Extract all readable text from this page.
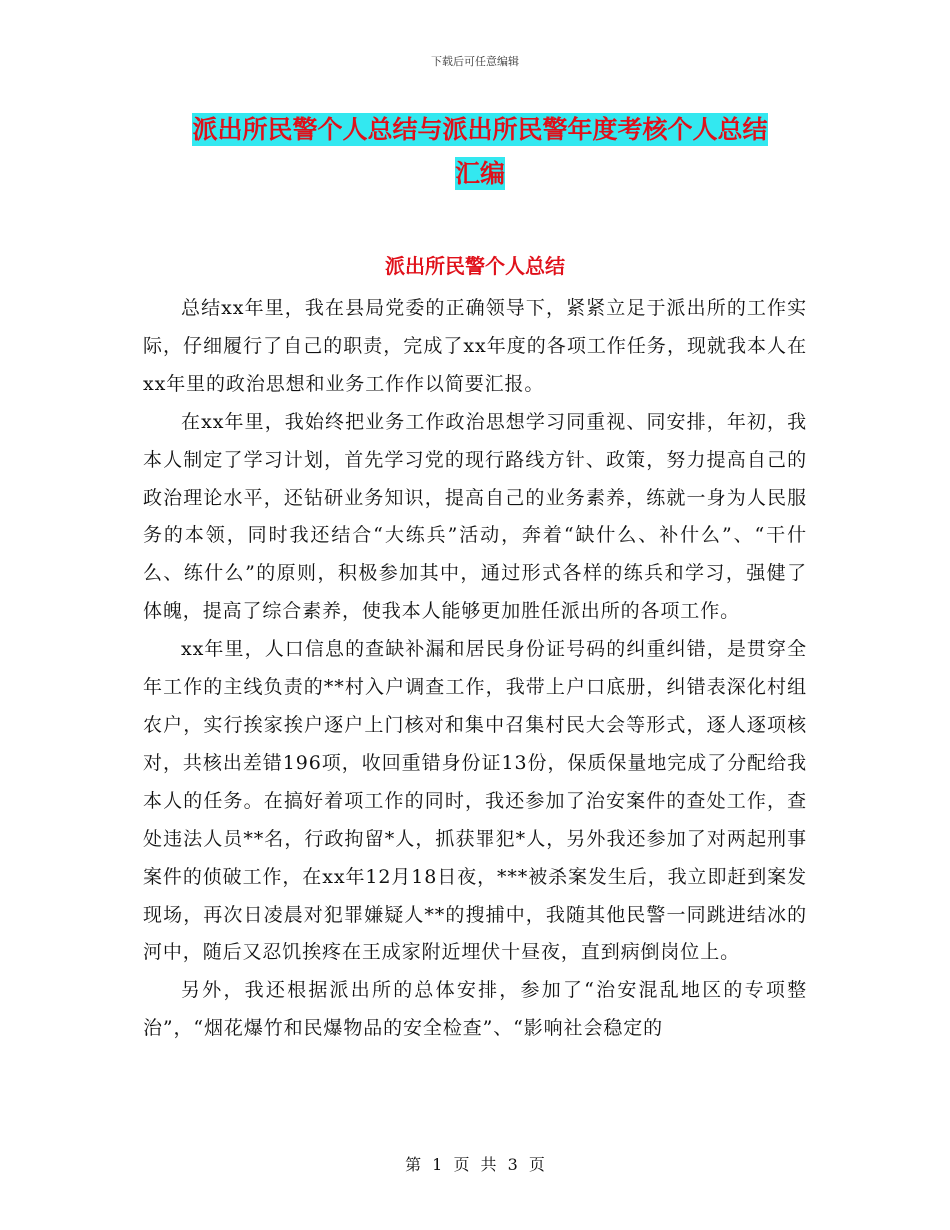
下载后可任意编辑
派出所民警个人总结与派出所民警年度考核个人总结
汇编
派出所民警个人总结

总结xx年里，我在县局党委的正确领导下，紧紧立足于派出所的工作实际，仔细履行了自己的职责，完成了xx年度的各项工作任务，现就我本人在xx年里的政治思想和业务工作作以简要汇报。

在xx年里，我始终把业务工作政治思想学习同重视、同安排，年初，我本人制定了学习计划，首先学习党的现行路线方针、政策，努力提高自己的政治理论水平，还钻研业务知识，提高自己的业务素养，练就一身为人民服务的本领，同时我还结合“大练兵”活动，奔着“缺什么、补什么”、“干什么、练什么”的原则，积极参加其中，通过形式各样的练兵和学习，强健了体魄，提高了综合素养，使我本人能够更加胜任派出所的各项工作。

xx年里，人口信息的查缺补漏和居民身份证号码的纠重纠错，是贯穿全年工作的主线负责的**村入户调查工作，我带上户口底册，纠错表深化村组农户，实行挨家挨户逐户上门核对和集中召集村民大会等形式，逐人逐项核对，共核出差错196项，收回重错身份证13份，保质保量地完成了分配给我本人的任务。在搞好着项工作的同时，我还参加了治安案件的查处工作，查处违法人员**名，行政拘留*人，抓获罪犯*人，另外我还参加了对两起刑事案件的侦破工作，在xx年12月18日夜，***被杀案发生后，我立即赶到案发现场，再次日凌晨对犯罪嫌疑人**的搜捕中，我随其他民警一同跳进结冰的河中，随后又忍饥挨疼在王成家附近埋伏十昼夜，直到病倒岗位上。

另外，我还根据派出所的总体安排，参加了“治安混乱地区的专项整治”，“烟花爆竹和民爆物品的安全检查”、“影响社会稳定的

第 1 页 共 3 页
